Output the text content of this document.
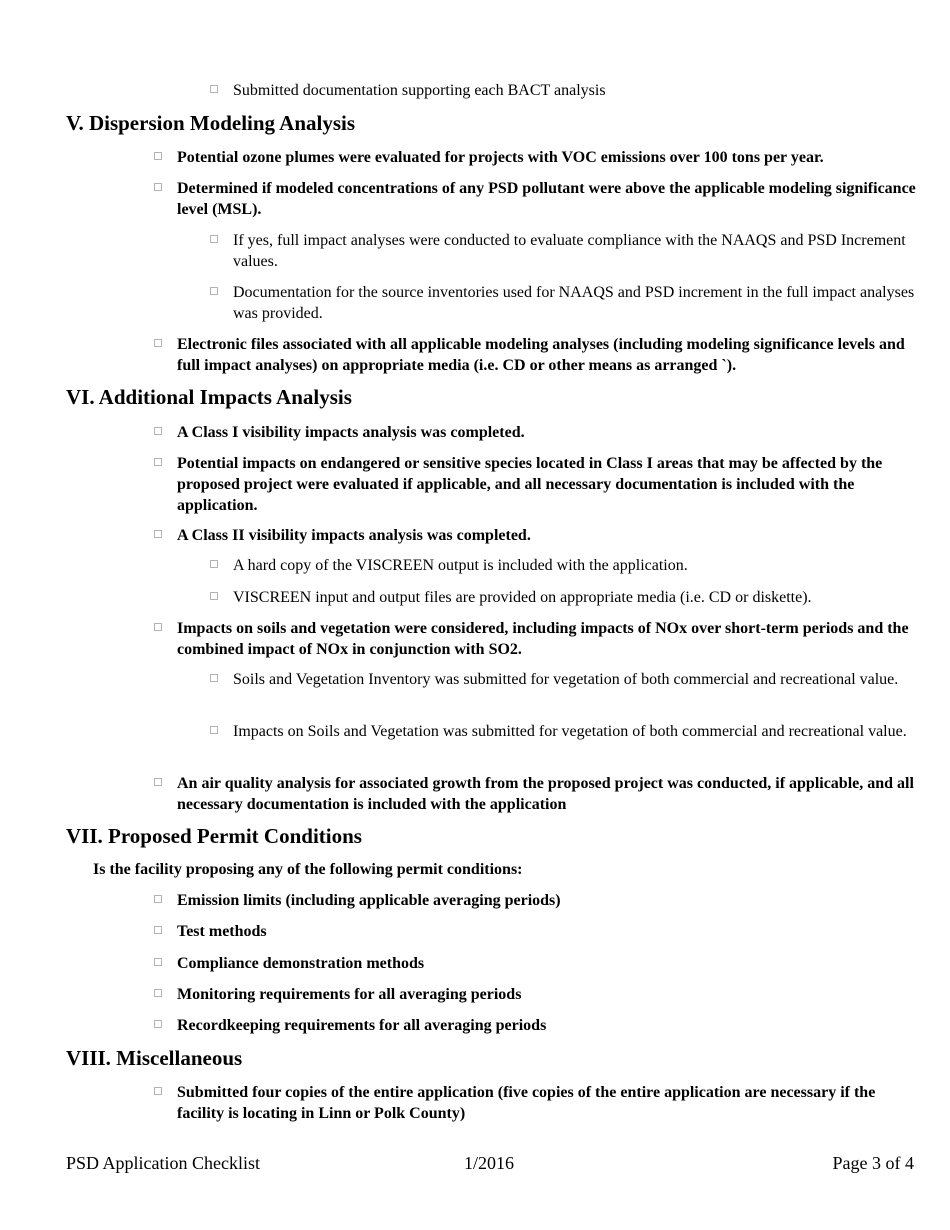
Submitted documentation supporting each BACT analysis
V. Dispersion Modeling Analysis
Potential ozone plumes were evaluated for projects with VOC emissions over 100 tons per year.
Determined if modeled concentrations of any PSD pollutant were above the applicable modeling significance level (MSL).
If yes, full impact analyses were conducted to evaluate compliance with the NAAQS and PSD Increment values.
Documentation for the source inventories used for NAAQS and PSD increment in the full impact analyses was provided.
Electronic files associated with all applicable modeling analyses (including modeling significance levels and full impact analyses) on appropriate media (i.e. CD or other means as arranged `).
VI. Additional Impacts Analysis
A Class I visibility impacts analysis was completed.
Potential impacts on endangered or sensitive species located in Class I areas that may be affected by the proposed project were evaluated if applicable, and all necessary documentation is included with the application.
A Class II visibility impacts analysis was completed.
A hard copy of the VISCREEN output is included with the application.
VISCREEN input and output files are provided on appropriate media (i.e. CD or diskette).
Impacts on soils and vegetation were considered, including impacts of NOx over short-term periods and the combined impact of NOx in conjunction with SO2.
Soils and Vegetation Inventory was submitted for vegetation of both commercial and recreational value.
Impacts on Soils and Vegetation was submitted for vegetation of both commercial and recreational value.
An air quality analysis for associated growth from the proposed project was conducted, if applicable, and all necessary documentation is included with the application
VII. Proposed Permit Conditions
Is the facility proposing any of the following permit conditions:
Emission limits (including applicable averaging periods)
Test methods
Compliance demonstration methods
Monitoring requirements for all averaging periods
Recordkeeping requirements for all averaging periods
VIII. Miscellaneous
Submitted four copies of the entire application (five copies of the entire application are necessary if the facility is locating in Linn or Polk County)
PSD Application Checklist	1/2016	Page 3 of 4
